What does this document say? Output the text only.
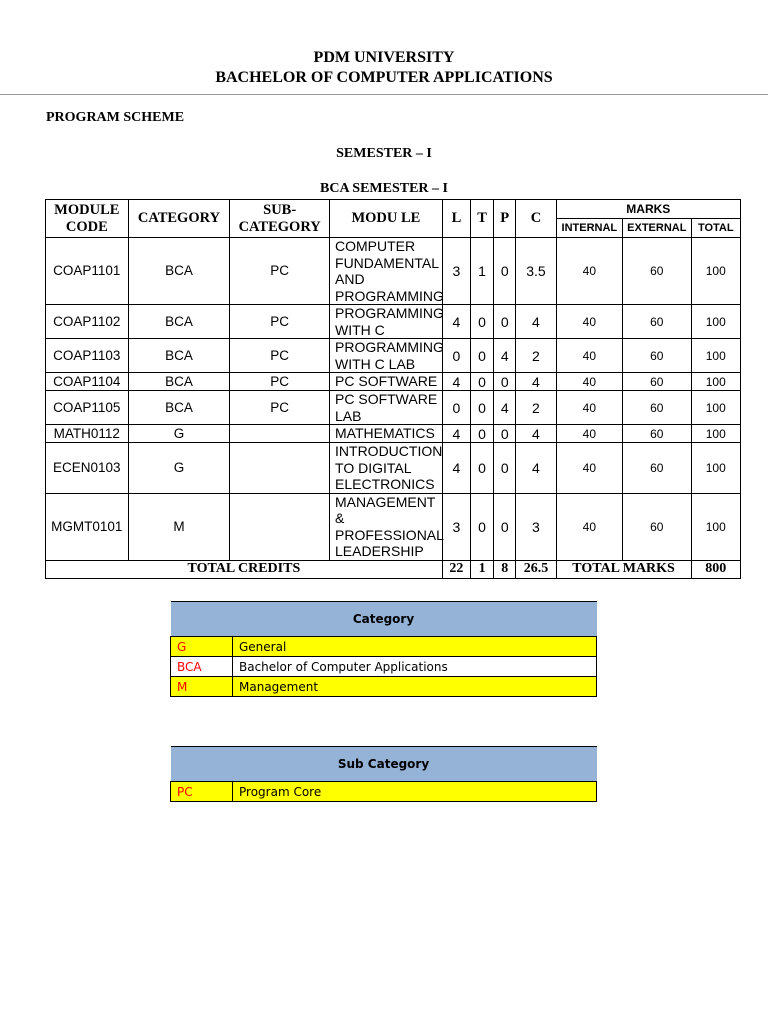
PDM UNIVERSITY
BACHELOR OF COMPUTER APPLICATIONS
PROGRAM SCHEME
SEMESTER – I
BCA SEMESTER – I
MODULE CODE	CATEGORY	SUB-CATEGORY	MODU LE	L	T	P	C	MARKS		
								INTERNAL	EXTERNAL	TOTAL
COAP1101	BCA	PC	COMPUTER FUNDAMENTAL AND PROGRAMMING	3	1	0	3.5	40	60	100
COAP1102	BCA	PC	PROGRAMMING WITH C	4	0	0	4	40	60	100
COAP1103	BCA	PC	PROGRAMMING WITH C LAB	0	0	4	2	40	60	100
COAP1104	BCA	PC	PC SOFTWARE	4	0	0	4	40	60	100
COAP1105	BCA	PC	PC SOFTWARE LAB	0	0	4	2	40	60	100
MATH0112	G		MATHEMATICS	4	0	0	4	40	60	100
ECEN0103	G		INTRODUCTION TO DIGITAL ELECTRONICS	4	0	0	4	40	60	100
MGMT0101	M		MANAGEMENT & PROFESSIONAL LEADERSHIP	3	0	0	3	40	60	100
TOTAL CREDITS				22	1	8	26.5	TOTAL MARKS		800
Category	
G	General
BCA	Bachelor of Computer Applications
M	Management
Sub Category
PC	Program Core
